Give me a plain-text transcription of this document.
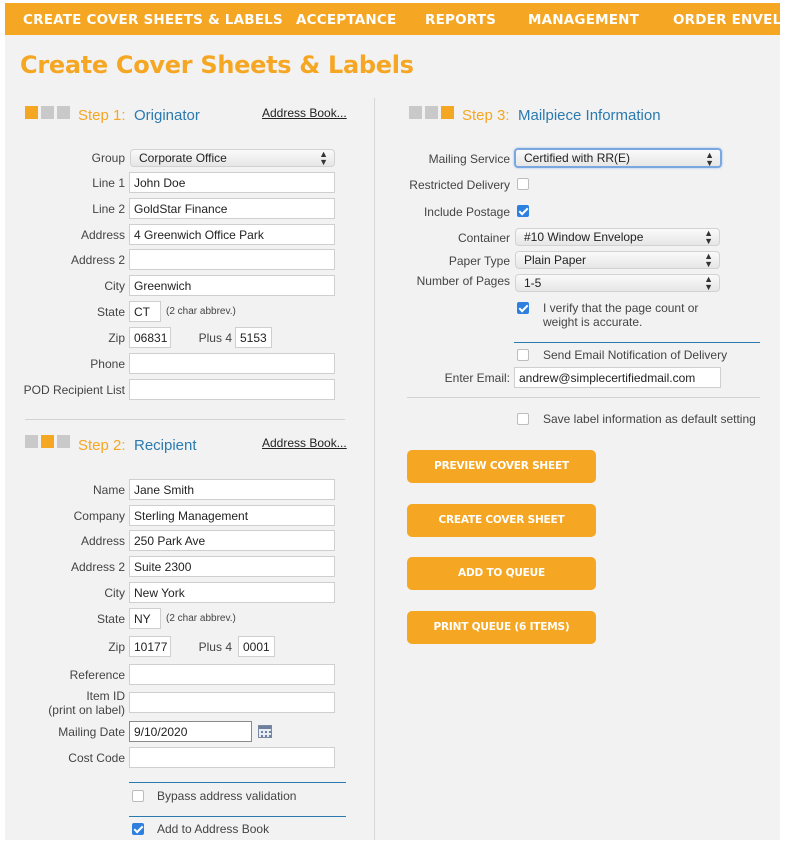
CREATE COVER SHEETS & LABELS ACCEPTANCE REPORTS MANAGEMENT	ORDER ENVELO
Create Cover Sheets & Labels
Step 1: Originator	Address Book...
Group	Corporate Office	▲
▼
Line 1 John Doe
Line 2 GoldStar Finance
Address 4 Greenwich Office Park
Address 2
City Greenwich
State CT	(2 char abbrev.)
Zip 06831	Plus 4 5153
Phone
POD Recipient List
Step 2: Recipient	Address Book...
Name Jane Smith
Company Sterling Management
Address 250 Park Ave
Address 2 Suite 2300
City New York
State NY	(2 char abbrev.)
Zip 10177	Plus 4 0001
Reference
Item ID
(print on label)
Mailing Date 9/10/2020
Cost Code
Bypass address validation
Add to Address Book
Step 3: Mailpiece Information
Mailing Service	Certified with RR(E)	▲
▼
Restricted Delivery
Include Postage
Container	#10 Window Envelope	▲
▼
Paper Type	Plain Paper	▲
▼
Number of Pages	1-5	▲
▼
I verify that the page count or
weight is accurate.
Send Email Notification of Delivery
Enter Email: andrew@simplecertifiedmail.com
Save label information as default setting
PREVIEW COVER SHEET
CREATE COVER SHEET
ADD TO QUEUE
PRINT QUEUE (6 ITEMS)
